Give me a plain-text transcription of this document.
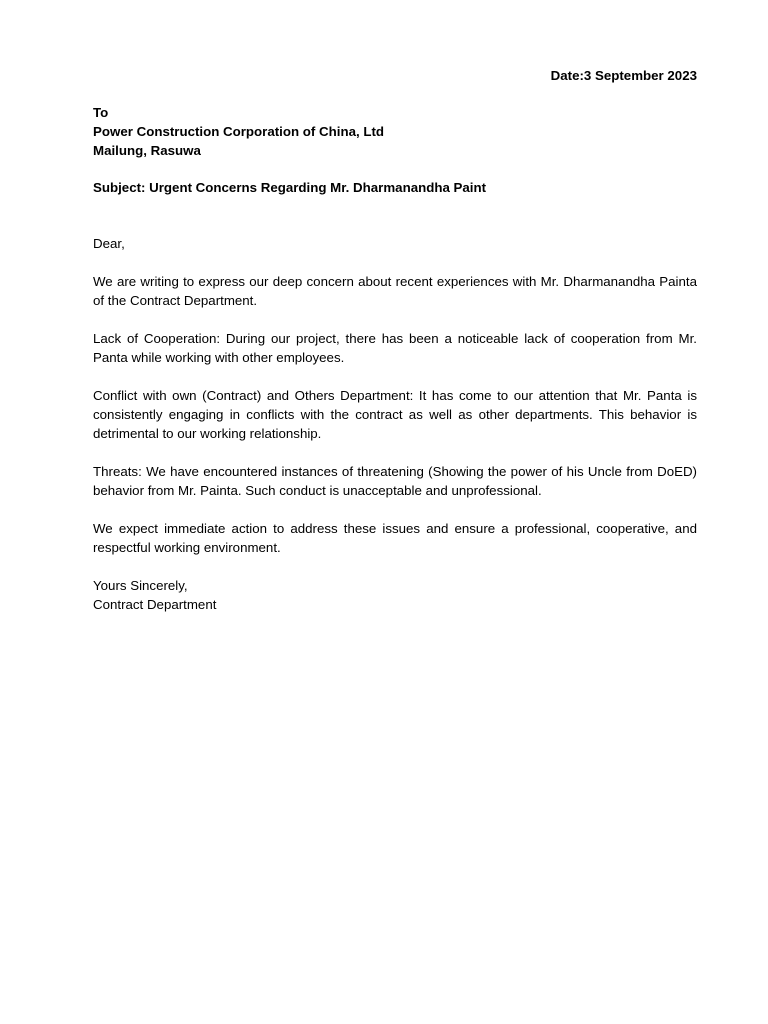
Date:3 September 2023

To
Power Construction Corporation of China, Ltd
Mailung, Rasuwa
Subject: Urgent Concerns Regarding Mr. Dharmanandha Paint
Dear,
We are writing to express our deep concern about recent experiences with Mr. Dharmanandha Painta of the Contract Department.
Lack of Cooperation: During our project, there has been a noticeable lack of cooperation from Mr. Panta while working with other employees.
Conflict with own (Contract) and Others Department: It has come to our attention that Mr. Panta is consistently engaging in conflicts with the contract as well as other departments. This behavior is detrimental to our working relationship.
Threats: We have encountered instances of threatening (Showing the power of his Uncle from DoED) behavior from Mr. Painta. Such conduct is unacceptable and unprofessional.
We expect immediate action to address these issues and ensure a professional, cooperative, and respectful working environment.
Yours Sincerely,
Contract Department
